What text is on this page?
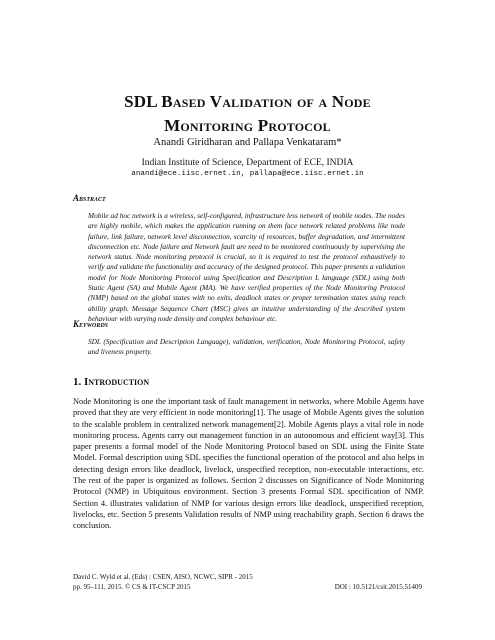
SDL Based Validation of a Node
Monitoring Protocol

Anandi Giridharan and Pallapa Venkataram*

Indian Institute of Science, Department of ECE, INDIA

anandi@ece.iisc.ernet.in, pallapa@ece.iisc.ernet.in

Abstract

Mobile ad hoc network is a wireless, self-configured, infrastructure less network of mobile nodes. The nodes are highly mobile, which makes the application running on them face network related problems like node failure, link failure, network level disconnection, scarcity of resources, buffer degradation, and intermittent disconnection etc. Node failure and Network fault are need to be monitored continuously by supervising the network status. Node monitoring protocol is crucial, so it is required to test the protocol exhaustively to verify and validate the functionality and accuracy of the designed protocol. This paper presents a validation model for Node Monitoring Protocol using Specification and Description L language (SDL) using both Static Agent (SA) and Mobile Agent (MA). We have verified properties of the Node Monitoring Protocol (NMP) based on the global states with no exits, deadlock states or proper termination states using reach ability graph. Message Sequence Chart (MSC) gives an intuitive understanding of the described system behaviour with varying node density and complex behaviour etc.

Keywords

SDL (Specification and Description Language), validation, verification, Node Monitoring Protocol, safety and liveness property.

1. Introduction

Node Monitoring is one the important task of fault management in networks, where Mobile Agents have proved that they are very efficient in node monitoring[1]. The usage of Mobile Agents gives the solution to the scalable problem in centralized network management[2]. Mobile Agents plays a vital role in node monitoring process. Agents carry out management function in an autonomous and efficient way[3]. This paper presents a formal model of the Node Monitoring Protocol based on SDL using the Finite State Model. Formal description using SDL specifies the functional operation of the protocol and also helps in detecting design errors like deadlock, livelock, unspecified reception, non-executable interactions, etc. The rest of the paper is organized as follows. Section 2 discusses on Significance of Node Monitoring Protocol (NMP) in Ubiquitous environment. Section 3 presents Formal SDL specification of NMP. Section 4. illustrates validation of NMP for various design errors like deadlock, unspecified reception, livelocks, etc. Section 5 presents Validation results of NMP using reachability graph. Section 6 draws the conclusion.

David C. Wyld et al. (Eds) : CSEN, AISO, NCWC, SIPR - 2015
pp. 95–111, 2015. © CS & IT-CSCP 2015	DOI : 10.5121/csit.2015.51409
